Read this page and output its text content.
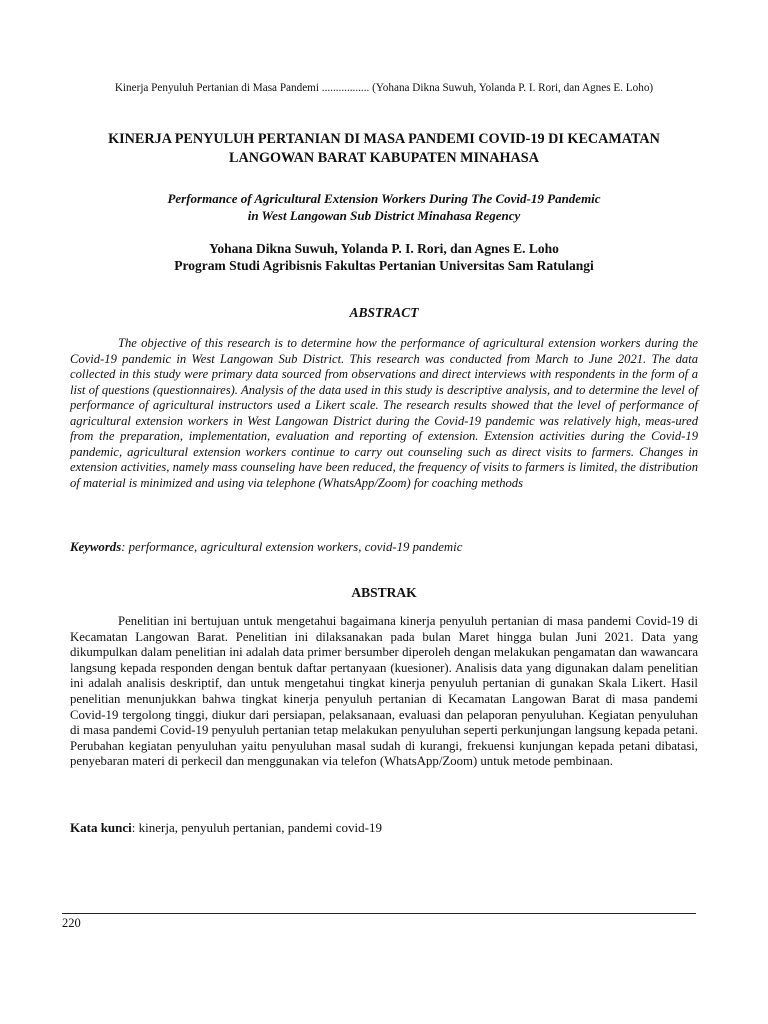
Kinerja Penyuluh Pertanian di Masa Pandemi ................. (Yohana Dikna Suwuh, Yolanda P. I. Rori, dan Agnes E. Loho)
KINERJA PENYULUH PERTANIAN DI MASA PANDEMI COVID-19 DI KECAMATAN
LANGOWAN BARAT KABUPATEN MINAHASA
Performance of Agricultural Extension Workers During The Covid-19 Pandemic
in West Langowan Sub District Minahasa Regency
Yohana Dikna Suwuh, Yolanda P. I. Rori, dan Agnes E. Loho
Program Studi Agribisnis Fakultas Pertanian Universitas Sam Ratulangi
ABSTRACT

The objective of this research is to determine how the performance of agricultural extension workers during the Covid-19 pandemic in West Langowan Sub District. This research was conducted from March to June 2021. The data collected in this study were primary data sourced from observations and direct interviews with respondents in the form of a list of questions (questionnaires). Analysis of the data used in this study is descriptive analysis, and to determine the level of performance of agricultural instructors used a Likert scale. The research results showed that the level of performance of agricultural extension workers in West Langowan District during the Covid-19 pandemic was relatively high, meas-ured from the preparation, implementation, evaluation and reporting of extension. Extension activities during the Covid-19 pandemic, agricultural extension workers continue to carry out counseling such as direct visits to farmers. Changes in extension activities, namely mass counseling have been reduced, the frequency of visits to farmers is limited, the distribution of material is minimized and using via telephone (WhatsApp/Zoom) for coaching methods

Keywords: performance, agricultural extension workers, covid-19 pandemic
ABSTRAK

Penelitian ini bertujuan untuk mengetahui bagaimana kinerja penyuluh pertanian di masa pandemi Covid-19 di Kecamatan Langowan Barat. Penelitian ini dilaksanakan pada bulan Maret hingga bulan Juni 2021. Data yang dikumpulkan dalam penelitian ini adalah data primer bersumber diperoleh dengan melakukan pengamatan dan wawancara langsung kepada responden dengan bentuk daftar pertanyaan (kuesioner). Analisis data yang digunakan dalam penelitian ini adalah analisis deskriptif, dan untuk mengetahui tingkat kinerja penyuluh pertanian di gunakan Skala Likert. Hasil penelitian menunjukkan bahwa tingkat kinerja penyuluh pertanian di Kecamatan Langowan Barat di masa pandemi Covid-19 tergolong tinggi, diukur dari persiapan, pelaksanaan, evaluasi dan pelaporan penyuluhan. Kegiatan penyuluhan di masa pandemi Covid-19 penyuluh pertanian tetap melakukan penyuluhan seperti perkunjungan langsung kepada petani. Perubahan kegiatan penyuluhan yaitu penyuluhan masal sudah di kurangi, frekuensi kunjungan kepada petani dibatasi, penyebaran materi di perkecil dan menggunakan via telefon (WhatsApp/Zoom) untuk metode pembinaan.

Kata kunci: kinerja, penyuluh pertanian, pandemi covid-19
220
